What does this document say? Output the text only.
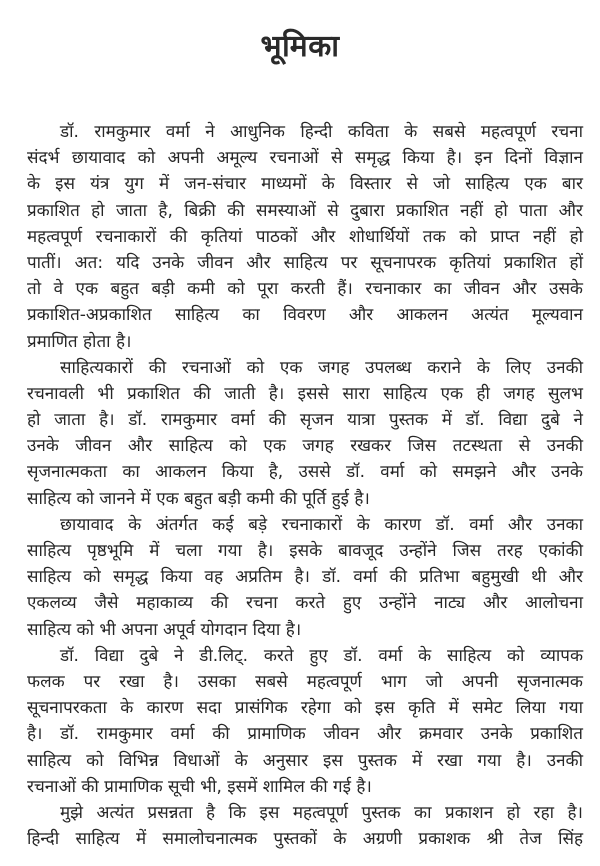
भूमिका
डॉ. रामकुमार वर्मा ने आधुनिक हिन्दी कविता के सबसे महत्वपूर्ण रचना
संदर्भ छायावाद को अपनी अमूल्य रचनाओं से समृद्ध किया है। इन दिनों विज्ञान
के इस यंत्र युग में जन-संचार माध्यमों के विस्तार से जो साहित्य एक बार
प्रकाशित हो जाता है, बिक्री की समस्याओं से दुबारा प्रकाशित नहीं हो पाता और
महत्वपूर्ण रचनाकारों की कृतियां पाठकों और शोधार्थियों तक को प्राप्त नहीं हो
पातीं। अत: यदि उनके जीवन और साहित्य पर सूचनापरक कृतियां प्रकाशित हों
तो वे एक बहुत बड़ी कमी को पूरा करती हैं। रचनाकार का जीवन और उसके
प्रकाशित-अप्रकाशित साहित्य का विवरण और आकलन अत्यंत मूल्यवान
प्रमाणित होता है।
साहित्यकारों की रचनाओं को एक जगह उपलब्ध कराने के लिए उनकी
रचनावली भी प्रकाशित की जाती है। इससे सारा साहित्य एक ही जगह सुलभ
हो जाता है। डॉ. रामकुमार वर्मा की सृजन यात्रा पुस्तक में डॉ. विद्या दुबे ने
उनके जीवन और साहित्य को एक जगह रखकर जिस तटस्थता से उनकी
सृजनात्मकता का आकलन किया है, उससे डॉ. वर्मा को समझने और उनके
साहित्य को जानने में एक बहुत बड़ी कमी की पूर्ति हुई है।
छायावाद के अंतर्गत कई बड़े रचनाकारों के कारण डॉ. वर्मा और उनका
साहित्य पृष्ठभूमि में चला गया है। इसके बावजूद उन्होंने जिस तरह एकांकी
साहित्य को समृद्ध किया वह अप्रतिम है। डॉ. वर्मा की प्रतिभा बहुमुखी थी और
एकलव्य जैसे महाकाव्य की रचना करते हुए उन्होंने नाट्य और आलोचना
साहित्य को भी अपना अपूर्व योगदान दिया है।
डॉ. विद्या दुबे ने डी.लिट्. करते हुए डॉ. वर्मा के साहित्य को व्यापक
फलक पर रखा है। उसका सबसे महत्वपूर्ण भाग जो अपनी सृजनात्मक
सूचनापरकता के कारण सदा प्रासंगिक रहेगा को इस कृति में समेट लिया गया
है। डॉ. रामकुमार वर्मा की प्रामाणिक जीवन और क्रमवार उनके प्रकाशित
साहित्य को विभिन्न विधाओं के अनुसार इस पुस्तक में रखा गया है। उनकी
रचनाओं की प्रामाणिक सूची भी, इसमें शामिल की गई है।
मुझे अत्यंत प्रसन्नता है कि इस महत्वपूर्ण पुस्तक का प्रकाशन हो रहा है।
हिन्दी साहित्य में समालोचनात्मक पुस्तकों के अग्रणी प्रकाशक श्री तेज सिंह
